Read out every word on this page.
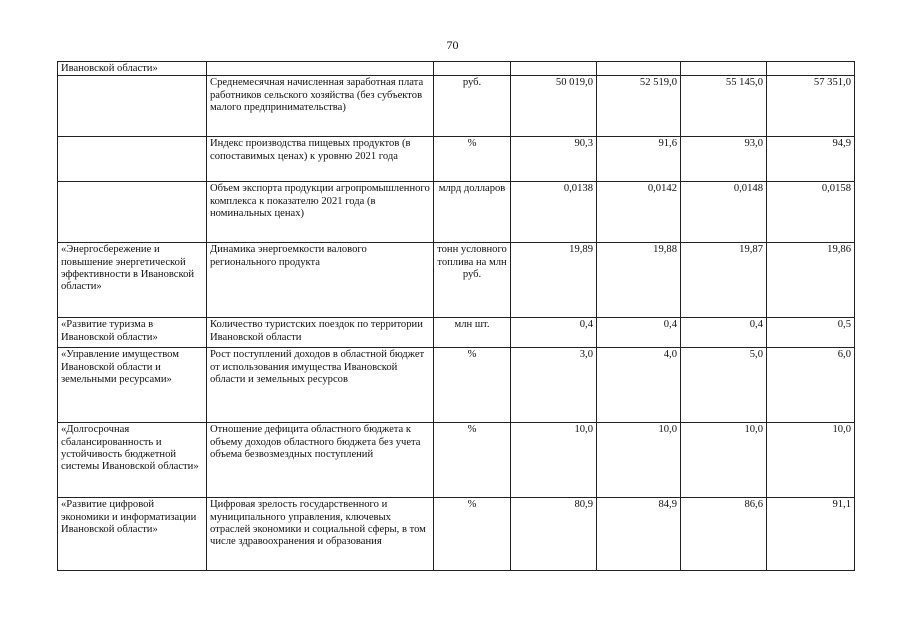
70
Ивановской области»						
	Среднемесячная начисленная заработная плата работников сельского хозяйства (без субъектов малого предпринимательства)	руб.	50 019,0	52 519,0	55 145,0	57 351,0
	Индекс производства пищевых продуктов (в сопоставимых ценах) к уровню 2021 года	%	90,3	91,6	93,0	94,9
	Объем экспорта продукции агропромышленного комплекса к показателю 2021 года (в номинальных ценах)	млрд долларов	0,0138	0,0142	0,0148	0,0158
«Энергосбережение и повышение энергетической эффективности в Ивановской области»	Динамика энергоемкости валового регионального продукта	тонн условного топлива на млн руб.	19,89	19,88	19,87	19,86
«Развитие туризма в Ивановской области»	Количество туристских поездок по территории Ивановской области	млн шт.	0,4	0,4	0,4	0,5
«Управление имуществом Ивановской области и земельными ресурсами»	Рост поступлений доходов в областной бюджет от использования имущества Ивановской области и земельных ресурсов	%	3,0	4,0	5,0	6,0
«Долгосрочная сбалансированность и устойчивость бюджетной системы Ивановской области»	Отношение дефицита областного бюджета к объему доходов областного бюджета без учета объема безвозмездных поступлений	%	10,0	10,0	10,0	10,0
«Развитие цифровой экономики и информатизации Ивановской области»	Цифровая зрелость государственного и муниципального управления, ключевых отраслей экономики и социальной сферы, в том числе здравоохранения и образования	%	80,9	84,9	86,6	91,1
